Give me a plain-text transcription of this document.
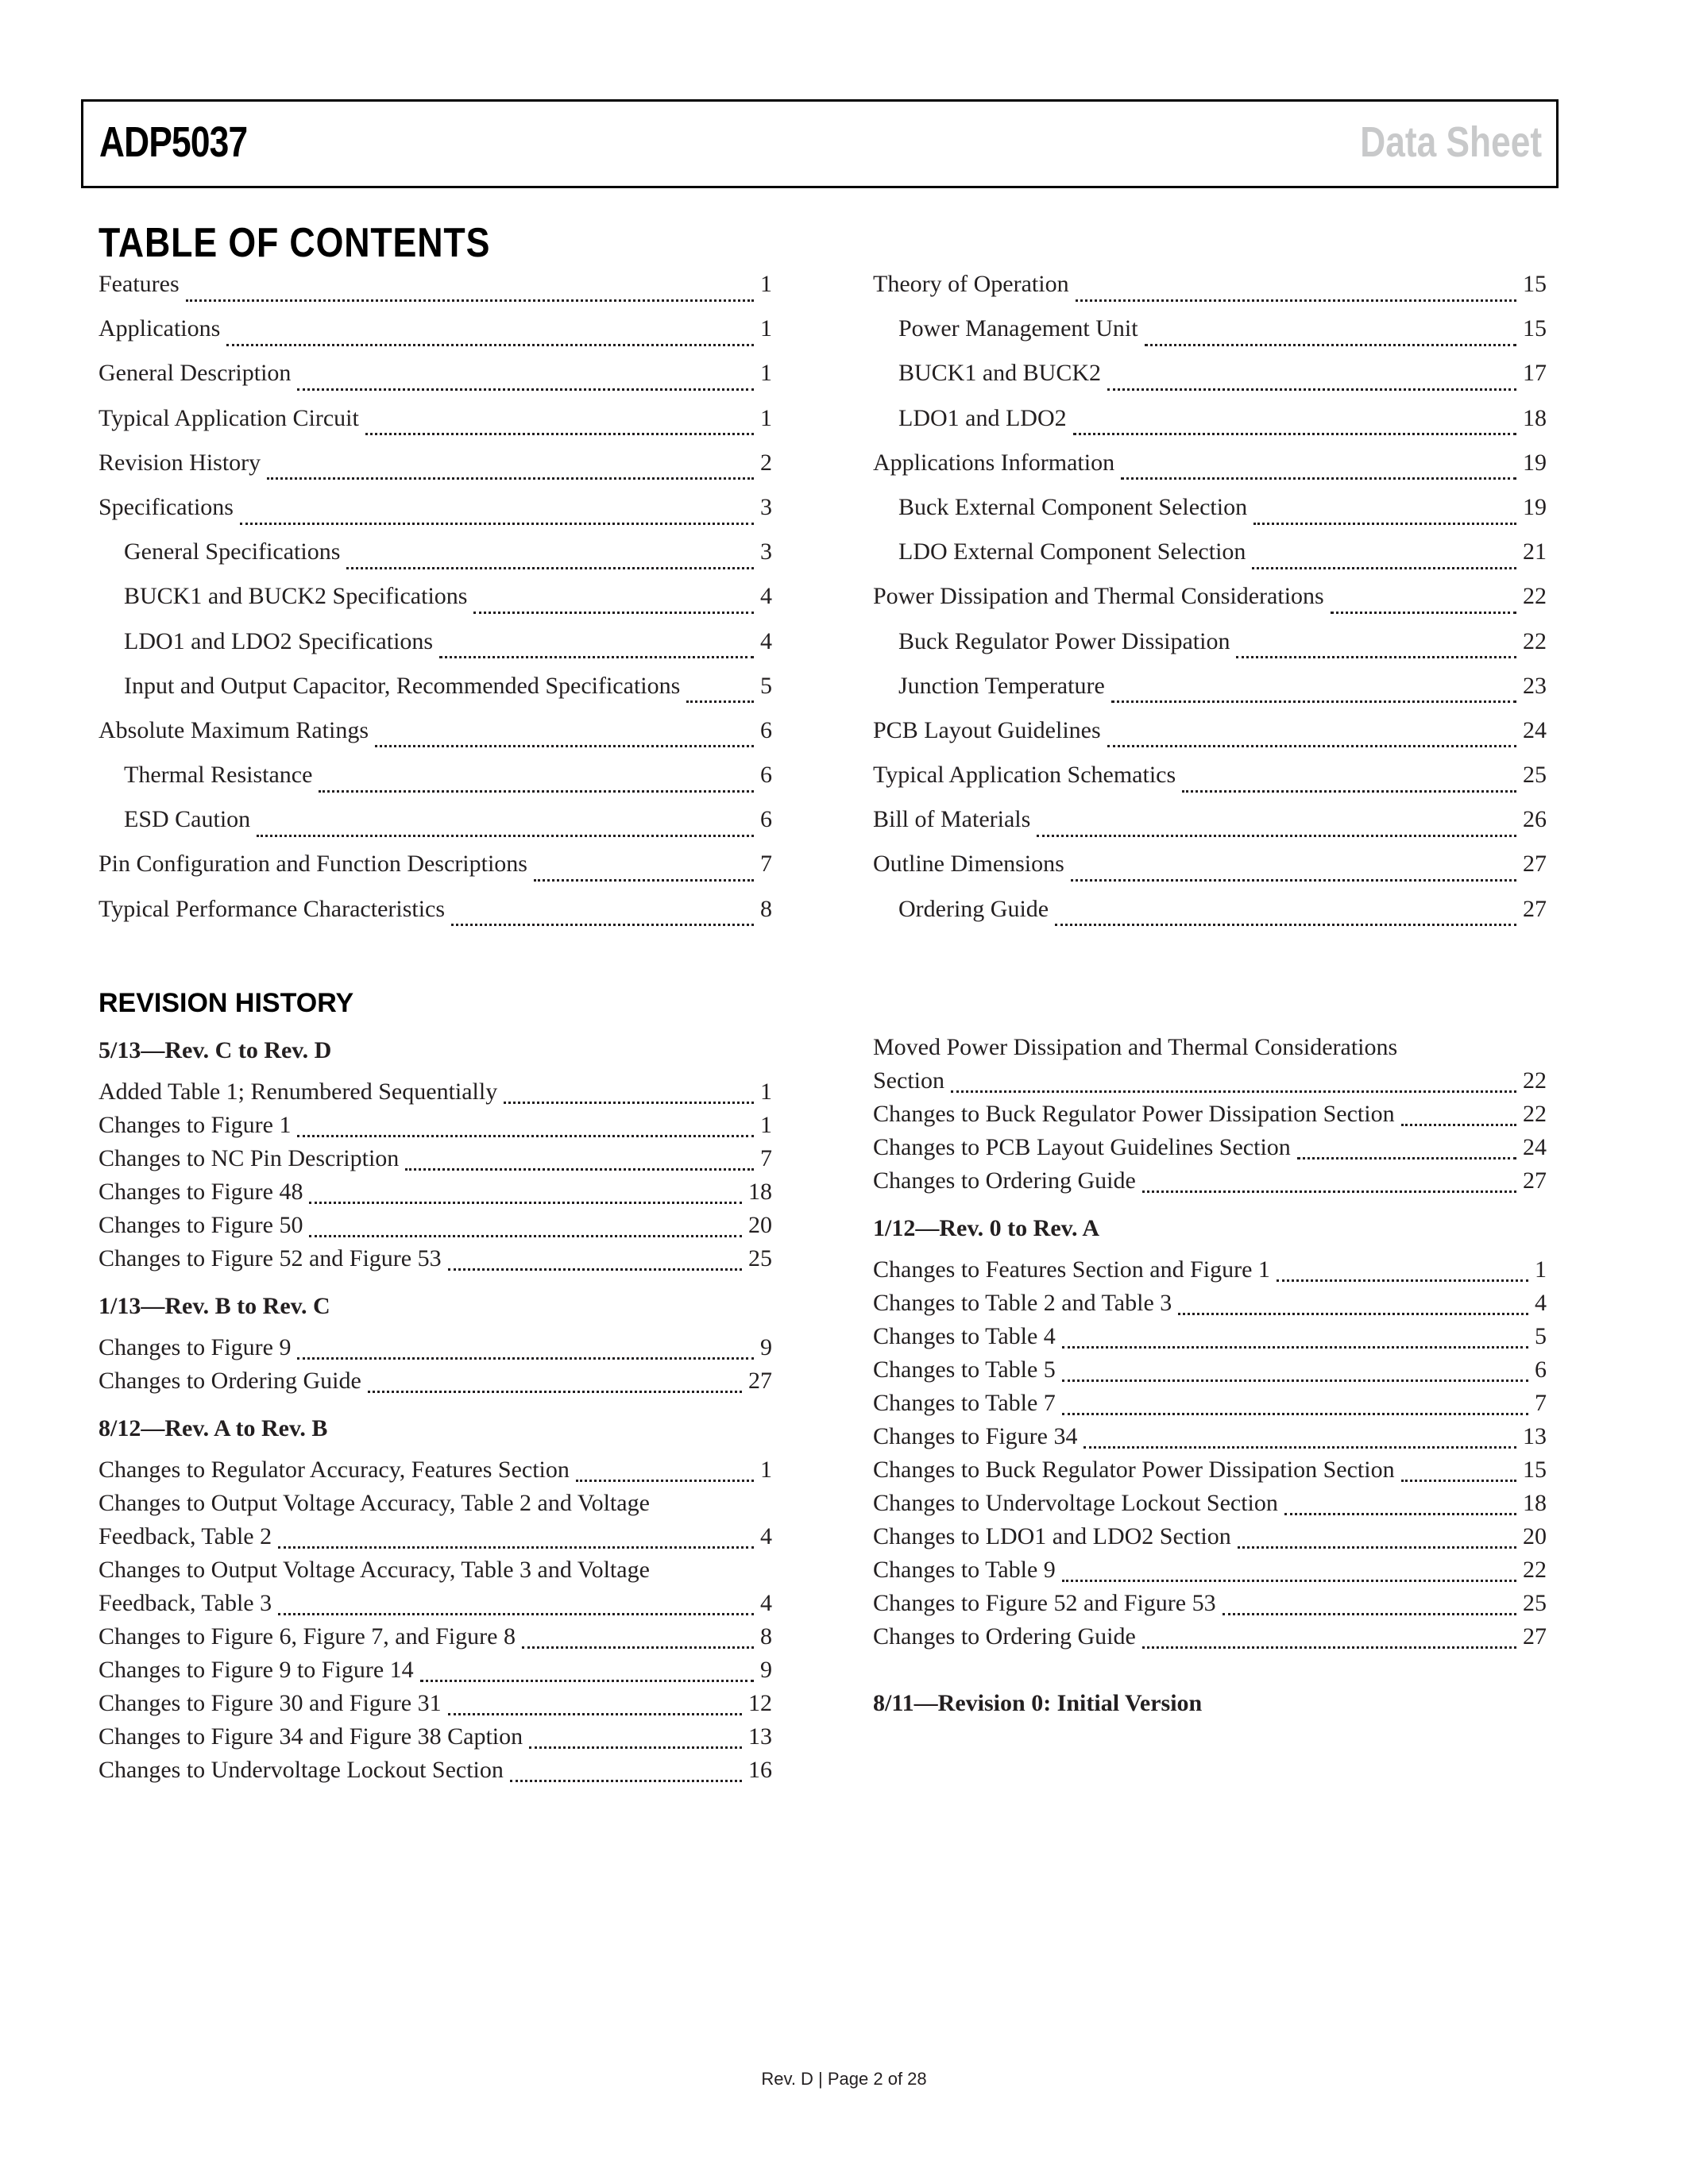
ADP5037	Data Sheet
TABLE OF CONTENTS
Features	1
Applications	1
General Description	1
Typical Application Circuit	1
Revision History	2
Specifications	3
General Specifications	3
BUCK1 and BUCK2 Specifications	4
LDO1 and LDO2 Specifications	4
Input and Output Capacitor, Recommended Specifications	5
Absolute Maximum Ratings	6
Thermal Resistance	6
ESD Caution	6
Pin Configuration and Function Descriptions	7
Typical Performance Characteristics	8
Theory of Operation	15
Power Management Unit	15
BUCK1 and BUCK2	17
LDO1 and LDO2	18
Applications Information	19
Buck External Component Selection	19
LDO External Component Selection	21
Power Dissipation and Thermal Considerations	22
Buck Regulator Power Dissipation	22
Junction Temperature	23
PCB Layout Guidelines	24
Typical Application Schematics	25
Bill of Materials	26
Outline Dimensions	27
Ordering Guide	27
REVISION HISTORY
5/13—Rev. C to Rev. D
Added Table 1; Renumbered Sequentially	1
Changes to Figure 1	1
Changes to NC Pin Description	7
Changes to Figure 48	18
Changes to Figure 50	20
Changes to Figure 52 and Figure 53	25
1/13—Rev. B to Rev. C
Changes to Figure 9	9
Changes to Ordering Guide	27
8/12—Rev. A to Rev. B
Changes to Regulator Accuracy, Features Section	1
Changes to Output Voltage Accuracy, Table 2 and Voltage
Feedback, Table 2	4
Changes to Output Voltage Accuracy, Table 3 and Voltage
Feedback, Table 3	4
Changes to Figure 6, Figure 7, and Figure 8	8
Changes to Figure 9 to Figure 14	9
Changes to Figure 30 and Figure 31	12
Changes to Figure 34 and Figure 38 Caption	13
Changes to Undervoltage Lockout Section	16
Moved Power Dissipation and Thermal Considerations
Section	22
Changes to Buck Regulator Power Dissipation Section	22
Changes to PCB Layout Guidelines Section	24
Changes to Ordering Guide	27
1/12—Rev. 0 to Rev. A
Changes to Features Section and Figure 1	1
Changes to Table 2 and Table 3	4
Changes to Table 4	5
Changes to Table 5	6
Changes to Table 7	7
Changes to Figure 34	13
Changes to Buck Regulator Power Dissipation Section	15
Changes to Undervoltage Lockout Section	18
Changes to LDO1 and LDO2 Section	20
Changes to Table 9	22
Changes to Figure 52 and Figure 53	25
Changes to Ordering Guide	27
8/11—Revision 0: Initial Version
Rev. D | Page 2 of 28
